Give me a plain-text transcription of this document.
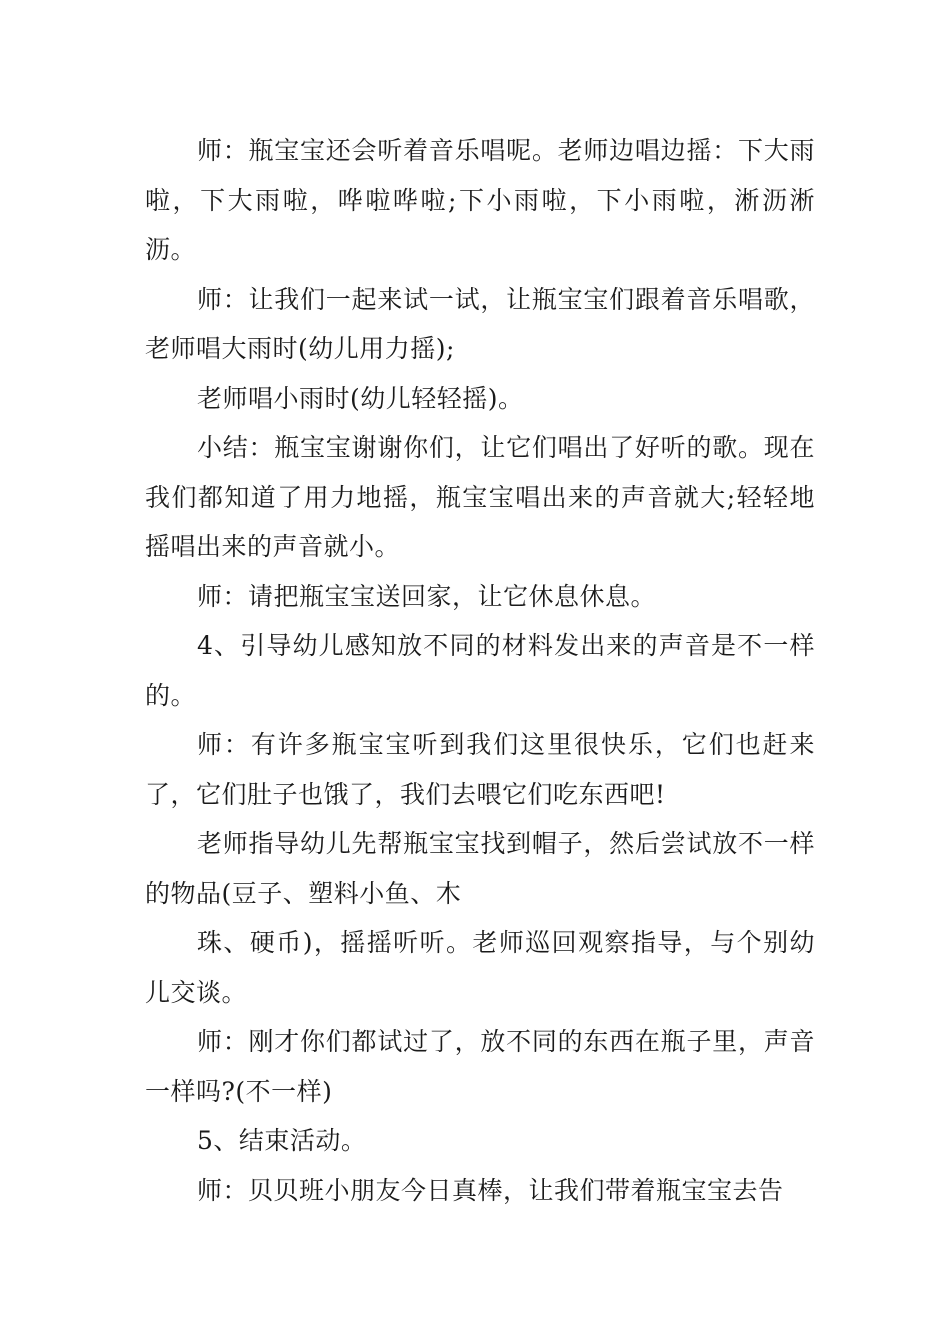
师：瓶宝宝还会听着音乐唱呢。老师边唱边摇：下大雨啦，下大雨啦，哗啦哗啦;下小雨啦，下小雨啦，淅沥淅沥。

师：让我们一起来试一试，让瓶宝宝们跟着音乐唱歌，老师唱大雨时(幼儿用力摇);

老师唱小雨时(幼儿轻轻摇)。

小结：瓶宝宝谢谢你们，让它们唱出了好听的歌。现在我们都知道了用力地摇，瓶宝宝唱出来的声音就大;轻轻地摇唱出来的声音就小。

师：请把瓶宝宝送回家，让它休息休息。

4、引导幼儿感知放不同的材料发出来的声音是不一样的。

师：有许多瓶宝宝听到我们这里很快乐，它们也赶来了，它们肚子也饿了，我们去喂它们吃东西吧!

老师指导幼儿先帮瓶宝宝找到帽子，然后尝试放不一样的物品(豆子、塑料小鱼、木

珠、硬币)，摇摇听听。老师巡回观察指导，与个别幼儿交谈。

师：刚才你们都试过了，放不同的东西在瓶子里，声音一样吗?(不一样)

5、结束活动。

师：贝贝班小朋友今日真棒，让我们带着瓶宝宝去告
